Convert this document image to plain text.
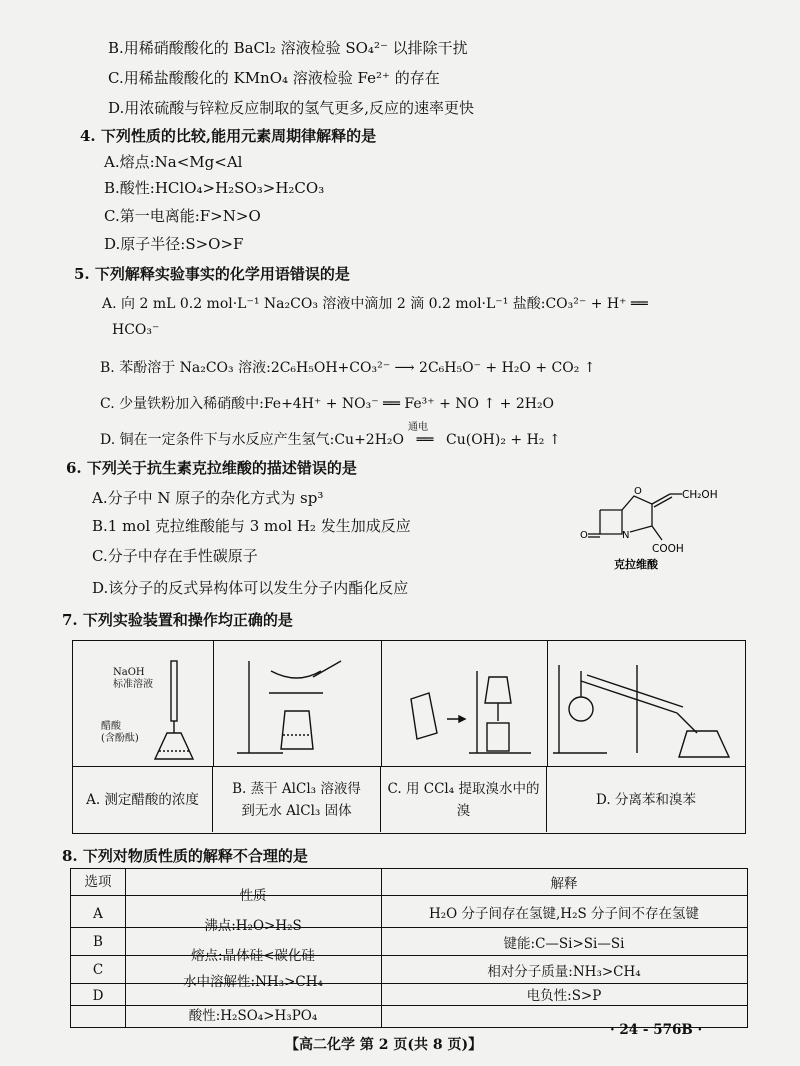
B.用稀硝酸酸化的 BaCl₂ 溶液检验 SO₄²⁻ 以排除干扰
C.用稀盐酸酸化的 KMnO₄ 溶液检验 Fe²⁺ 的存在
D.用浓硫酸与锌粒反应制取的氢气更多,反应的速率更快
4. 下列性质的比较,能用元素周期律解释的是
A.熔点:Na<Mg<Al
B.酸性:HClO₄>H₂SO₃>H₂CO₃
C.第一电离能:F>N>O
D.原子半径:S>O>F
5. 下列解释实验事实的化学用语错误的是
A. 向 2 mL 0.2 mol·L⁻¹ Na₂CO₃ 溶液中滴加 2 滴 0.2 mol·L⁻¹ 盐酸:CO₃²⁻ + H⁺ ══
HCO₃⁻
B. 苯酚溶于 Na₂CO₃ 溶液:2C₆H₅OH+CO₃²⁻ ⟶ 2C₆H₅O⁻ + H₂O + CO₂ ↑
C. 少量铁粉加入稀硝酸中:Fe+4H⁺ + NO₃⁻ ══ Fe³⁺ + NO ↑ + 2H₂O
D. 铜在一定条件下与水反应产生氢气:Cu+2H₂O
通电
══ Cu(OH)₂ + H₂ ↑
6. 下列关于抗生素克拉维酸的描述错误的是
A.分子中 N 原子的杂化方式为 sp³
B.1 mol 克拉维酸能与 3 mol H₂ 发生加成反应
C.分子中存在手性碳原子
D.该分子的反式异构体可以发生分子内酯化反应
O
N
O
CH₂OH
COOH
克拉维酸
7. 下列实验装置和操作均正确的是
NaOH
标准溶液
醋酸
(含酚酞)
A. 测定醋酸的浓度
B. 蒸干 AlCl₃ 溶液得
到无水 AlCl₃ 固体
C. 用 CCl₄ 提取溴水中的溴
D. 分离苯和溴苯
8. 下列对物质性质的解释不合理的是
选项
性质
解释
A
沸点:H₂O>H₂S
H₂O 分子间存在氢键,H₂S 分子间不存在氢键
B
熔点:晶体硅<碳化硅
键能:C—Si>Si—Si
C
水中溶解性:NH₃>CH₄
相对分子质量:NH₃>CH₄
D
酸性:H₂SO₄>H₃PO₄
电负性:S>P
· 24 - 576B ·
【高二化学 第 2 页(共 8 页)】
